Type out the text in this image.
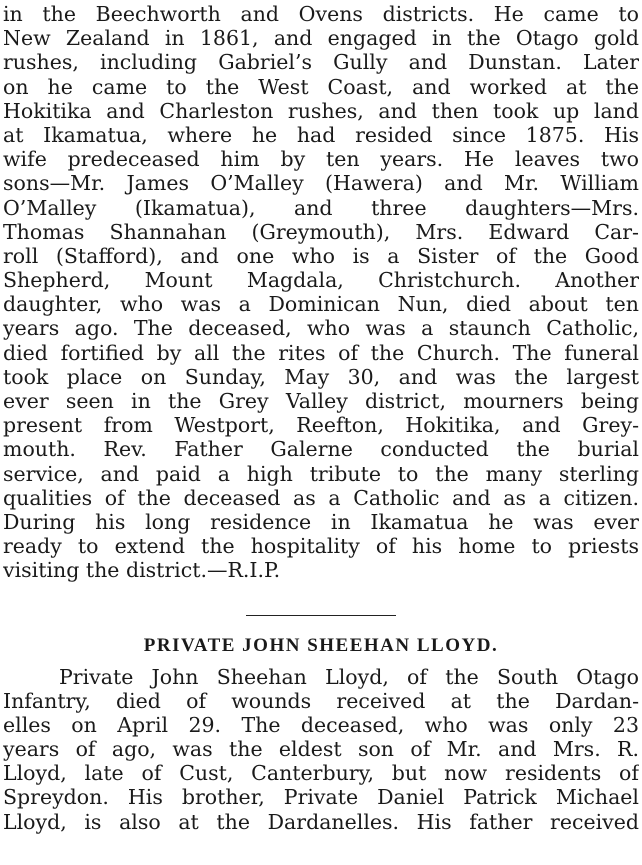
in the Beechworth and Ovens districts. He came to
New Zealand in 1861, and engaged in the Otago gold
rushes, including Gabriel’s Gully and Dunstan. Later
on he came to the West Coast, and worked at the
Hokitika and Charleston rushes, and then took up land
at Ikamatua, where he had resided since 1875. His
wife predeceased him by ten years. He leaves two
sons—Mr. James O’Malley (Hawera) and Mr. William
O’Malley (Ikamatua), and three daughters—Mrs.
Thomas Shannahan (Greymouth), Mrs. Edward Car-
roll (Stafford), and one who is a Sister of the Good
Shepherd, Mount Magdala, Christchurch. Another
daughter, who was a Dominican Nun, died about ten
years ago. The deceased, who was a staunch Catholic,
died fortified by all the rites of the Church. The funeral
took place on Sunday, May 30, and was the largest
ever seen in the Grey Valley district, mourners being
present from Westport, Reefton, Hokitika, and Grey-
mouth. Rev. Father Galerne conducted the burial
service, and paid a high tribute to the many sterling
qualities of the deceased as a Catholic and as a citizen.
During his long residence in Ikamatua he was ever
ready to extend the hospitality of his home to priests
visiting the district.—R.I.P.
PRIVATE JOHN SHEEHAN LLOYD.
Private John Sheehan Lloyd, of the South Otago
Infantry, died of wounds received at the Dardan-
elles on April 29. The deceased, who was only 23
years of ago, was the eldest son of Mr. and Mrs. R.
Lloyd, late of Cust, Canterbury, but now residents of
Spreydon. His brother, Private Daniel Patrick Michael
Lloyd, is also at the Dardanelles. His father received
